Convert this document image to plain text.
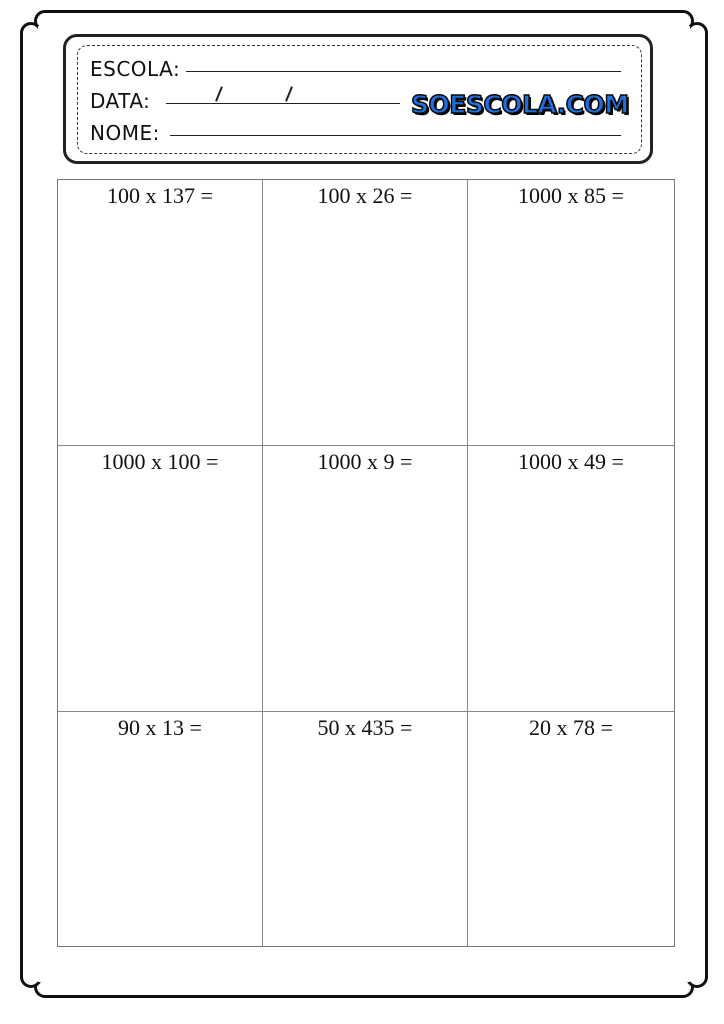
ESCOLA:
DATA:	SOESCOLA.COM
NOME:
100 x 137 =	100 x 26 =	1000 x 85 =
1000 x 100 =	1000 x 9 =	1000 x 49 =
90 x 13 =	50 x 435 =	20 x 78 =
